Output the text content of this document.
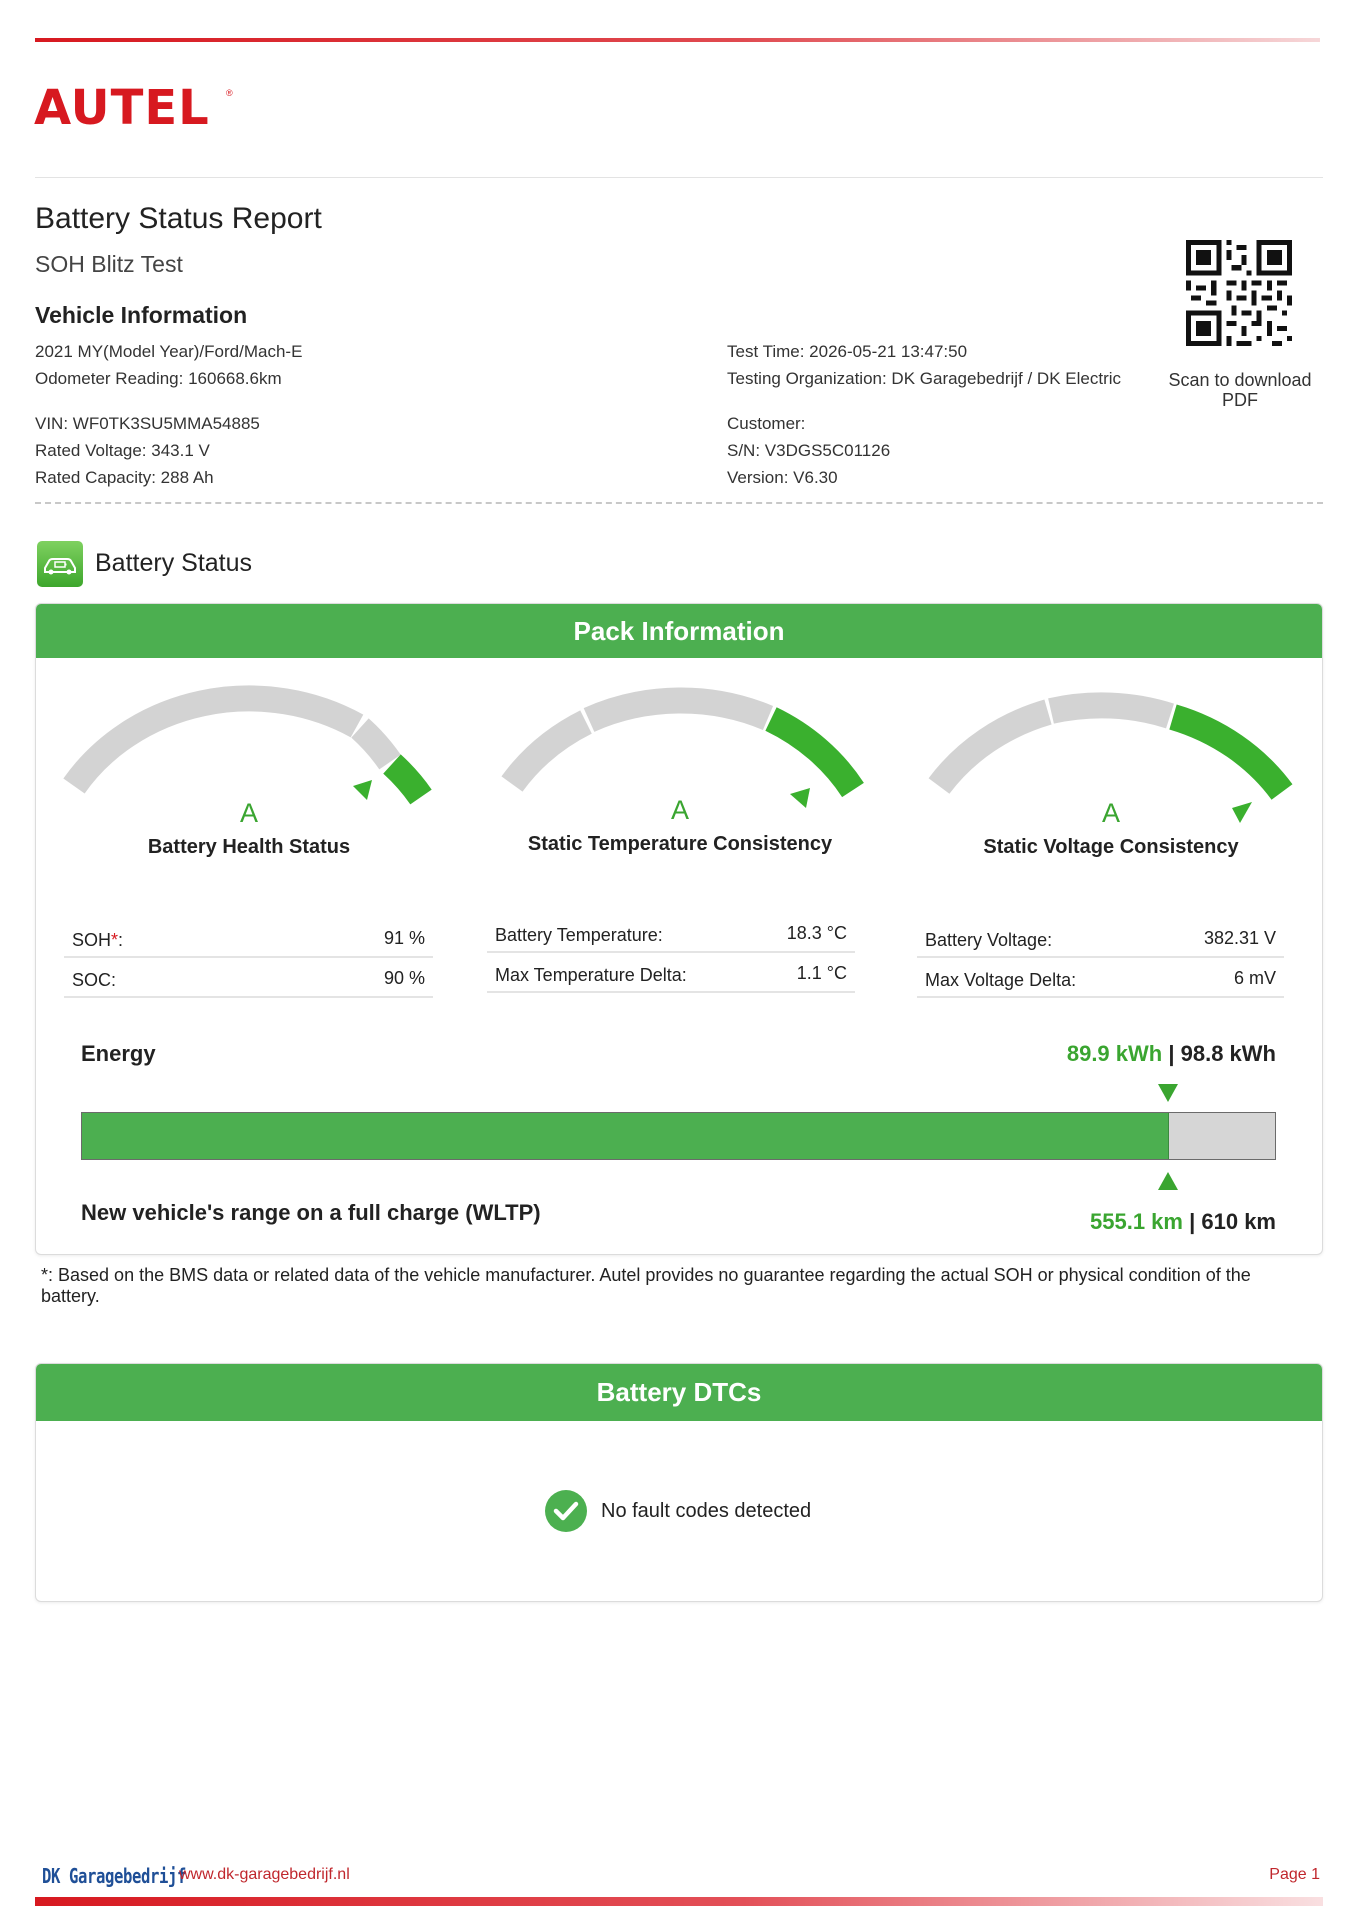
AUTEL ®
Battery Status Report
SOH Blitz Test
Vehicle Information
2021 MY(Model Year)/Ford/Mach-E
Odometer Reading: 160668.6km
VIN: WF0TK3SU5MMA54885
Rated Voltage: 343.1 V
Rated Capacity: 288 Ah
Test Time: 2026-05-21 13:47:50
Testing Organization: DK Garagebedrijf / DK Electric
Customer:
S/N: V3DGS5C01126
Version: V6.30
Scan to download PDF
Battery Status
Pack Information
A
Battery Health Status
A
Static Temperature Consistency
A
Static Voltage Consistency
SOH*:	91 %
SOC:	90 %
Battery Temperature:	18.3 °C
Max Temperature Delta:	1.1 °C
Battery Voltage:	382.31 V
Max Voltage Delta:	6 mV
Energy	89.9 kWh | 98.8 kWh
New vehicle's range on a full charge (WLTP)	555.1 km | 610 km
*: Based on the BMS data or related data of the vehicle manufacturer. Autel provides no guarantee regarding the actual SOH or physical condition of the battery.
Battery DTCs
No fault codes detected
DK Garagebedrijf
www.dk-garagebedrijf.nl	Page 1
